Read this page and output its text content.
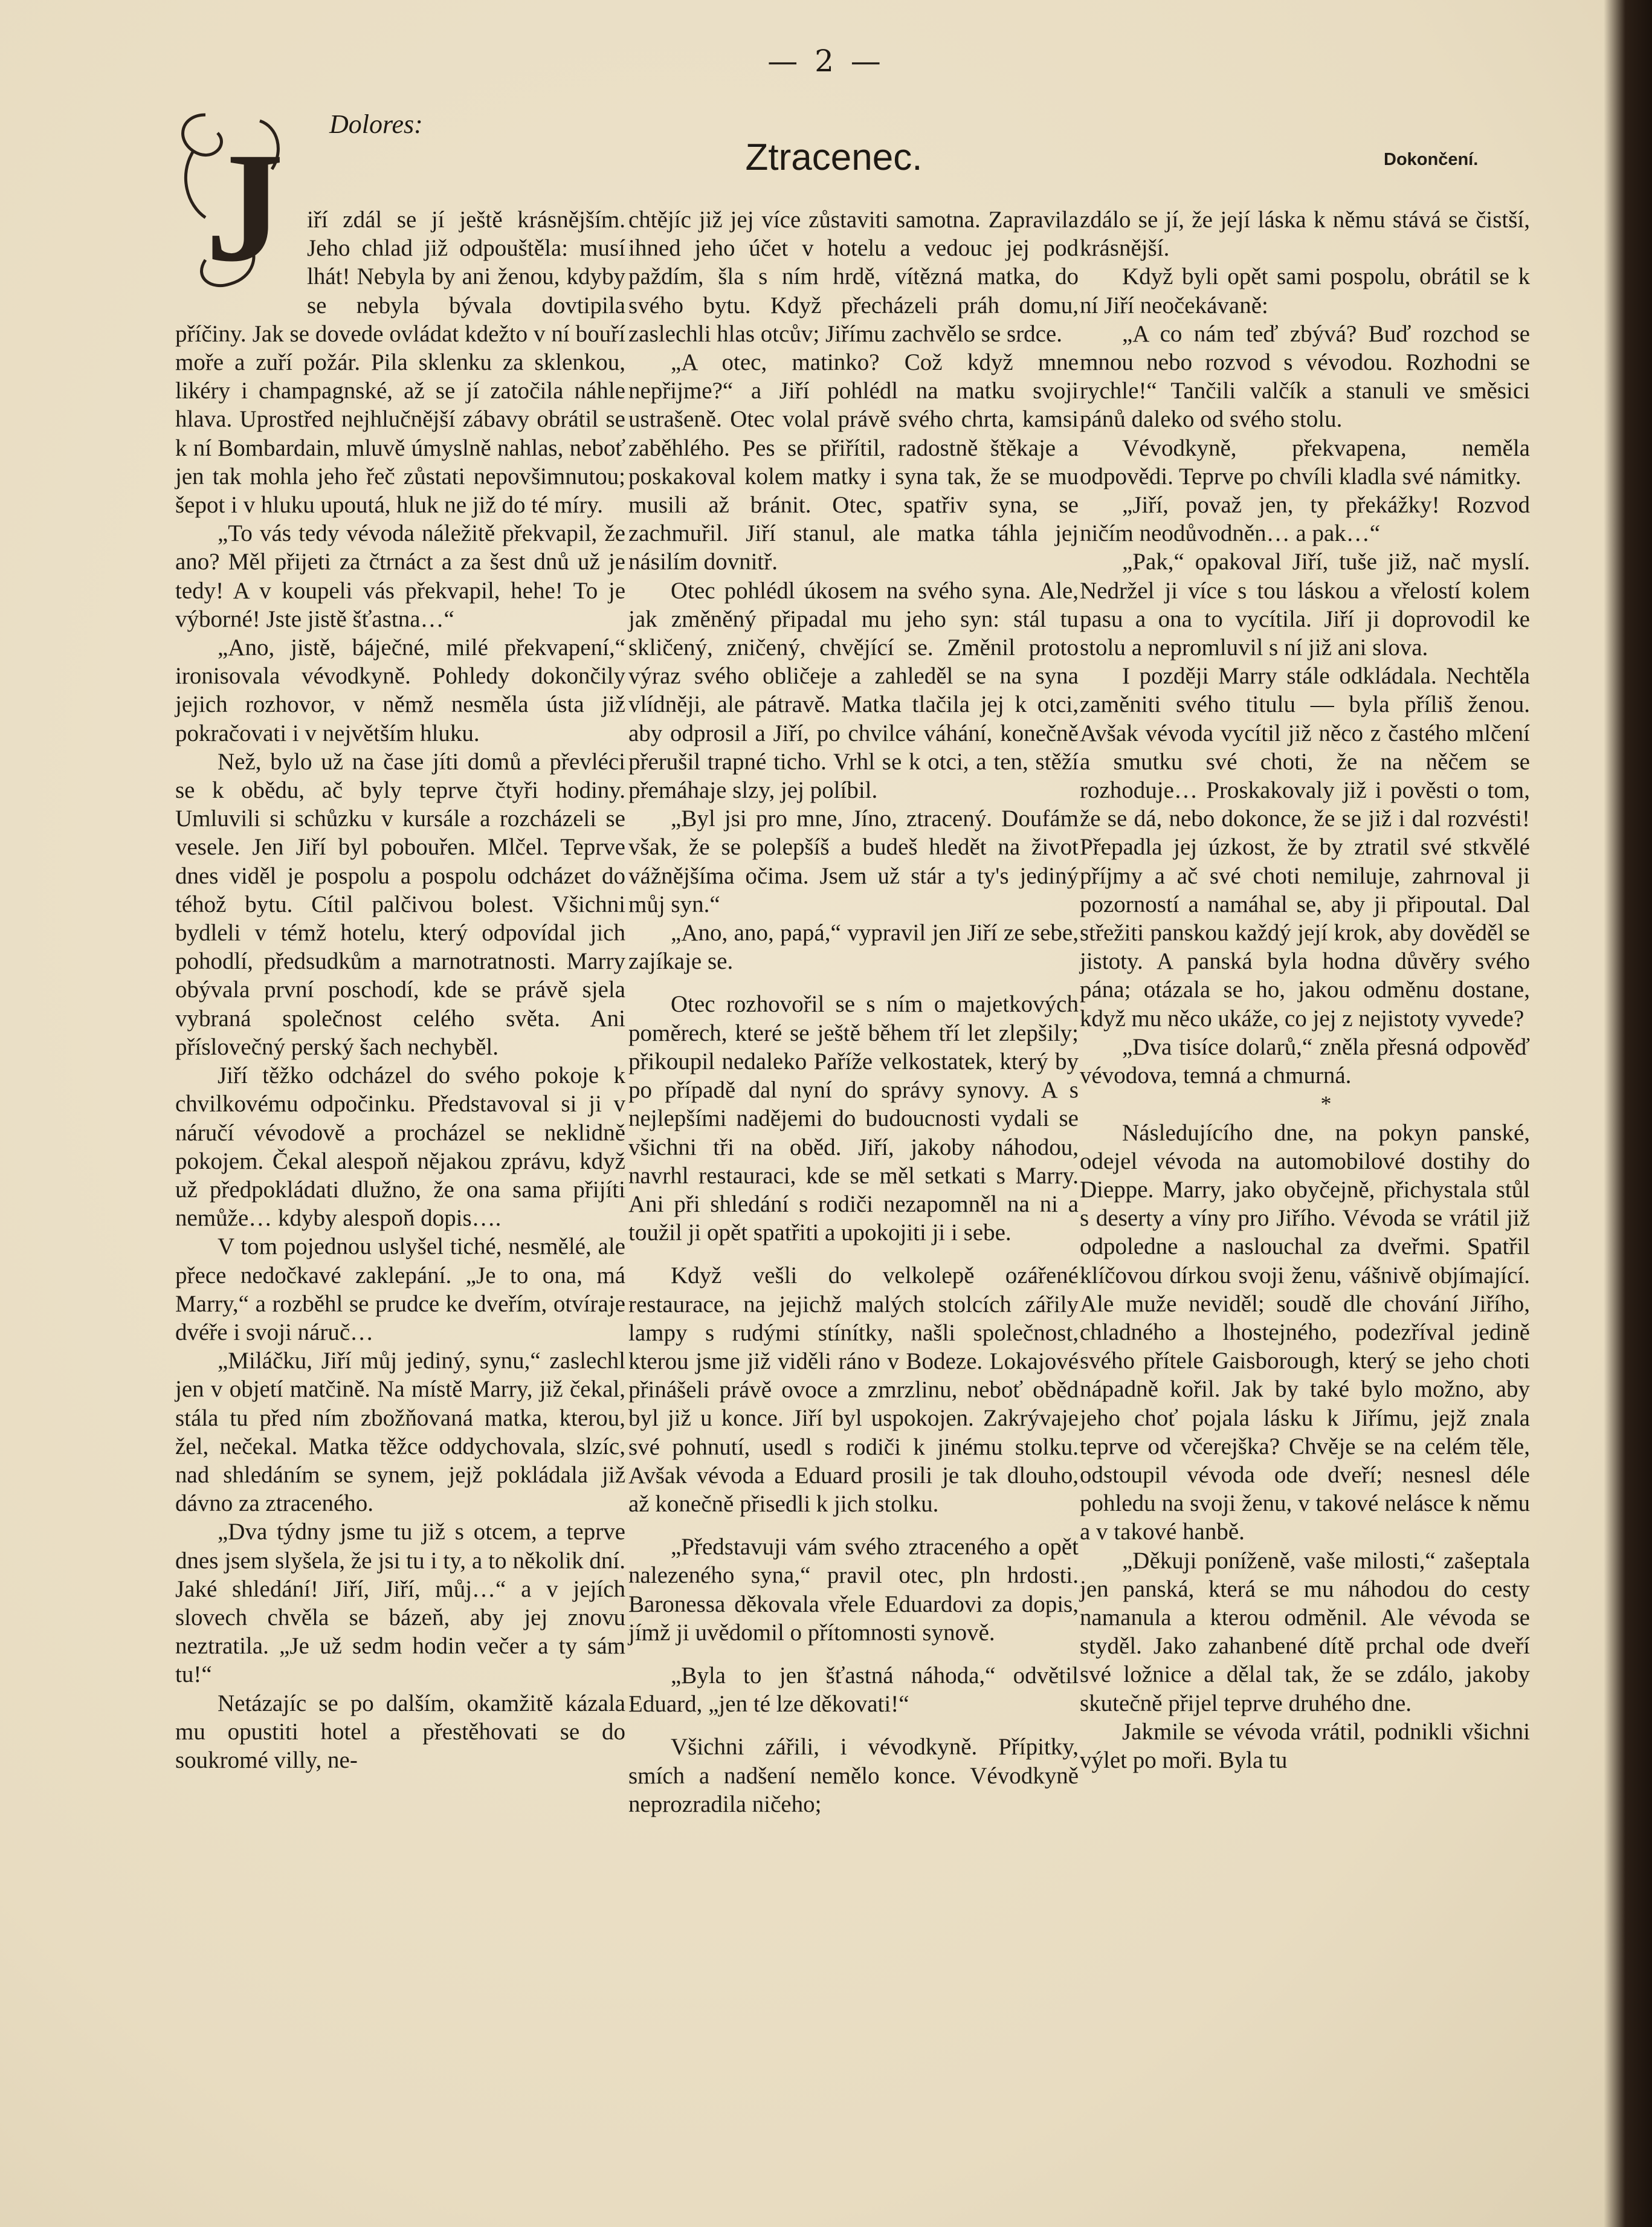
— 2 —
Dolores:
Ztracenec.	Dokončení.
J iří zdál se jí ještě krásnějším. Jeho chlad již odpouštěla: musí lhát! Nebyla by ani ženou, kdyby se nebyla bývala dovtipila příčiny. Jak se dovede ovládat kdežto v ní bouří moře a zuří požár. Pila sklenku za sklenkou, likéry i champagnské, až se jí zatočila náhle hlava. Uprostřed nejhlučnější zábavy obrátil se k ní Bombardain, mluvě úmyslně nahlas, neboť jen tak mohla jeho řeč zůstati nepovšimnutou; šepot i v hluku upoutá, hluk ne již do té míry.

„To vás tedy vévoda náležitě překvapil, že ano? Měl přijeti za čtrnáct a za šest dnů už je tedy! A v koupeli vás překvapil, hehe! To je výborné! Jste jistě šťastna…“

„Ano, jistě, báječné, milé překvapení,“ ironisovala vévodkyně. Pohledy dokončily jejich rozhovor, v němž nesměla ústa již pokračovati i v největším hluku.

Než, bylo už na čase jíti domů a převléci se k obědu, ač byly teprve čtyři hodiny. Umluvili si schůzku v kursále a rozcházeli se vesele. Jen Jiří byl pobouřen. Mlčel. Teprve dnes viděl je pospolu a pospolu odcházet do téhož bytu. Cítil palčivou bolest. Všichni bydleli v témž hotelu, který odpovídal jich pohodlí, předsudkům a marnotratnosti. Marry obývala první poschodí, kde se právě sjela vybraná společnost celého světa. Ani příslovečný perský šach nechyběl.

Jiří těžko odcházel do svého pokoje k chvilkovému odpočinku. Představoval si ji v náručí vévodově a procházel se neklidně pokojem. Čekal alespoň nějakou zprávu, když už předpokládati dlužno, že ona sama přijíti nemůže… kdyby alespoň dopis….

V tom pojednou uslyšel tiché, nesmělé, ale přece nedočkavé zaklepání. „Je to ona, má Marry,“ a rozběhl se prudce ke dveřím, otvíraje dvéře i svoji náruč…

„Miláčku, Jiří můj jediný, synu,“ zaslechl jen v objetí matčině. Na místě Marry, již čekal, stála tu před ním zbožňovaná matka, kterou, žel, nečekal. Matka těžce oddychovala, slzíc, nad shledáním se synem, jejž pokládala již dávno za ztraceného.

„Dva týdny jsme tu již s otcem, a teprve dnes jsem slyšela, že jsi tu i ty, a to několik dní. Jaké shledání! Jiří, Jiří, můj…“ a v jejích slovech chvěla se bázeň, aby jej znovu neztratila. „Je už sedm hodin večer a ty sám tu!“

Netázajíc se po dalším, okamžitě kázala mu opustiti hotel a přestěhovati se do soukromé villy, ne-

chtějíc již jej více zůstaviti samotna. Zapravila ihned jeho účet v hotelu a vedouc jej pod paždím, šla s ním hrdě, vítězná matka, do svého bytu. Když přecházeli práh domu, zaslechli hlas otcův; Jiřímu zachvělo se srdce.

„A otec, matinko? Což když mne nepřijme?“ a Jiří pohlédl na matku svoji ustrašeně. Otec volal právě svého chrta, kamsi zaběhlého. Pes se přiřítil, radostně štěkaje a poskakoval kolem matky i syna tak, že se mu musili až bránit. Otec, spatřiv syna, se zachmuřil. Jiří stanul, ale matka táhla jej násilím dovnitř.

Otec pohlédl úkosem na svého syna. Ale, jak změněný připadal mu jeho syn: stál tu skličený, zničený, chvějící se. Změnil proto výraz svého obličeje a zahleděl se na syna vlídněji, ale pátravě. Matka tlačila jej k otci, aby odprosil a Jiří, po chvilce váhání, konečně přerušil trapné ticho. Vrhl se k otci, a ten, stěží přemáhaje slzy, jej políbil.

„Byl jsi pro mne, Jíno, ztracený. Doufám však, že se polepšíš a budeš hledět na život vážnějšíma očima. Jsem už stár a ty's jediný můj syn.“

„Ano, ano, papá,“ vypravil jen Jiří ze sebe, zajíkaje se.

Otec rozhovořil se s ním o majetkových poměrech, které se ještě během tří let zlepšily; přikoupil nedaleko Paříže velkostatek, který by po případě dal nyní do správy synovy. A s nejlepšími nadějemi do budoucnosti vydali se všichni tři na oběd. Jiří, jakoby náhodou, navrhl restauraci, kde se měl setkati s Marry. Ani při shledání s rodiči nezapomněl na ni a toužil ji opět spatřiti a upokojiti ji i sebe.

Když vešli do velkolepě ozářené restaurace, na jejichž malých stolcích zářily lampy s rudými stínítky, našli společnost, kterou jsme již viděli ráno v Bodeze. Lokajové přinášeli právě ovoce a zmrzlinu, neboť oběd byl již u konce. Jiří byl uspokojen. Zakrývaje své pohnutí, usedl s rodiči k jinému stolku. Avšak vévoda a Eduard prosili je tak dlouho, až konečně přisedli k jich stolku.

„Představuji vám svého ztraceného a opět nalezeného syna,“ pravil otec, pln hrdosti. Baronessa děkovala vřele Eduardovi za dopis, jímž ji uvědomil o přítomnosti synově.

„Byla to jen šťastná náhoda,“ odvětil Eduard, „jen té lze děkovati!“

Všichni zářili, i vévodkyně. Přípitky, smích a nadšení nemělo konce. Vévodkyně neprozradila ničeho;

zdálo se jí, že její láska k němu stává se čistší, krásnější.

Když byli opět sami pospolu, obrátil se k ní Jiří neočekávaně:

„A co nám teď zbývá? Buď rozchod se mnou nebo rozvod s vévodou. Rozhodni se rychle!“ Tančili valčík a stanuli ve směsici pánů daleko od svého stolu.

Vévodkyně, překvapena, neměla odpovědi. Teprve po chvíli kladla své námitky.

„Jiří, považ jen, ty překážky! Rozvod ničím neodůvodněn… a pak…“

„Pak,“ opakoval Jiří, tuše již, nač myslí. Nedržel ji více s tou láskou a vřelostí kolem pasu a ona to vycítila. Jiří ji doprovodil ke stolu a nepromluvil s ní již ani slova.

I později Marry stále odkládala. Nechtěla zaměniti svého titulu — byla příliš ženou. Avšak vévoda vycítil již něco z častého mlčení a smutku své choti, že na něčem se rozhoduje… Proskakovaly již i pověsti o tom, že se dá, nebo dokonce, že se již i dal rozvésti! Přepadla jej úzkost, že by ztratil své stkvělé příjmy a ač své choti nemiluje, zahrnoval ji pozorností a namáhal se, aby ji připoutal. Dal střežiti panskou každý její krok, aby dověděl se jistoty. A panská byla hodna důvěry svého pána; otázala se ho, jakou odměnu dostane, když mu něco ukáže, co jej z nejistoty vyvede?

„Dva tisíce dolarů,“ zněla přesná odpověď vévodova, temná a chmurná.

*

Následujícího dne, na pokyn panské, odejel vévoda na automobilové dostihy do Dieppe. Marry, jako obyčejně, přichystala stůl s deserty a víny pro Jiřího. Vévoda se vrátil již odpoledne a naslouchal za dveřmi. Spatřil klíčovou dírkou svoji ženu, vášnivě objímající. Ale muže neviděl; soudě dle chování Jiřího, chladného a lhostejného, podezříval jedině svého přítele Gaisborough, který se jeho choti nápadně kořil. Jak by také bylo možno, aby jeho choť pojala lásku k Jiřímu, jejž znala teprve od včerejška? Chvěje se na celém těle, odstoupil vévoda ode dveří; nesnesl déle pohledu na svoji ženu, v takové nelásce k němu a v takové hanbě.

„Děkuji poníženě, vaše milosti,“ zašeptala jen panská, která se mu náhodou do cesty namanula a kterou odměnil. Ale vévoda se styděl. Jako zahanbené dítě prchal ode dveří své ložnice a dělal tak, že se zdálo, jakoby skutečně přijel teprve druhého dne.

Jakmile se vévoda vrátil, podnikli všichni výlet po moři. Byla tu
